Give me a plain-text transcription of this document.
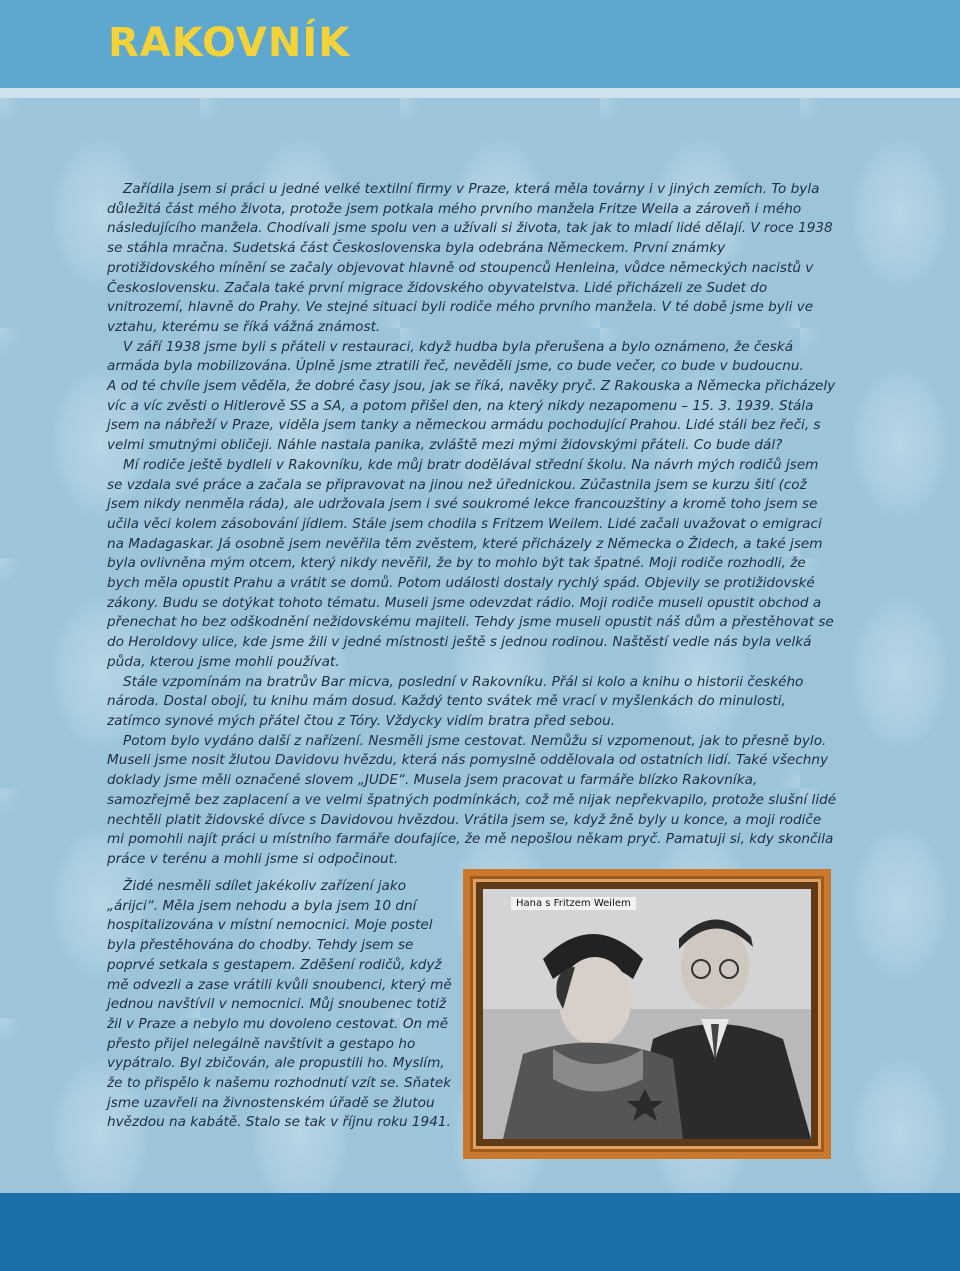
RAKOVNÍK

Zařídila jsem si práci u jedné velké textilní firmy v Praze, která měla továrny i v jiných zemích. To byla důležitá část mého života, protože jsem potkala mého prvního manžela Fritze Weila a zároveň i mého následujícího manžela. Chodívali jsme spolu ven a užívali si života, tak jak to mladí lidé dělají. V roce 1938 se stáhla mračna. Sudetská část Československa byla odebrána Německem. První známky protižidovského mínění se začaly objevovat hlavně od stoupenců Henleina, vůdce německých nacistů v Československu. Začala také první migrace židovského obyvatelstva. Lidé přicházeli ze Sudet do vnitrozemí, hlavně do Prahy. Ve stejné situaci byli rodiče mého prvního manžela. V té době jsme byli ve vztahu, kterému se říká vážná známost.

V září 1938 jsme byli s přáteli v restauraci, když hudba byla přerušena a bylo oznámeno, že česká armáda byla mobilizována. Úplně jsme ztratili řeč, nevěděli jsme, co bude večer, co bude v budoucnu.

A od té chvíle jsem věděla, že dobré časy jsou, jak se říká, navěky pryč. Z Rakouska a Německa přicházely víc a víc zvěsti o Hitlerově SS a SA, a potom přišel den, na který nikdy nezapomenu – 15. 3. 1939. Stála jsem na nábřeží v Praze, viděla jsem tanky a německou armádu pochodující Prahou. Lidé stáli bez řeči, s velmi smutnými obličeji. Náhle nastala panika, zvláště mezi mými židovskými přáteli. Co bude dál?

Mí rodiče ještě bydleli v Rakovníku, kde můj bratr dodělával střední školu. Na návrh mých rodičů jsem se vzdala své práce a začala se připravovat na jinou než úřednickou. Zúčastnila jsem se kurzu šití (což jsem nikdy nenměla ráda), ale udržovala jsem i své soukromé lekce francouzštiny a kromě toho jsem se učila věci kolem zásobování jídlem. Stále jsem chodila s Fritzem Weilem. Lidé začali uvažovat o emigraci na Madagaskar. Já osobně jsem nevěřila těm zvěstem, které přicházely z Německa o Židech, a také jsem byla ovlivněna mým otcem, který nikdy nevěřil, že by to mohlo být tak špatné. Moji rodiče rozhodli, že bych měla opustit Prahu a vrátit se domů. Potom události dostaly rychlý spád. Objevily se protižidovské zákony. Budu se dotýkat tohoto tématu. Museli jsme odevzdat rádio. Moji rodiče museli opustit obchod a přenechat ho bez odškodnění nežidovskému majiteli. Tehdy jsme museli opustit náš dům a přestěhovat se do Heroldovy ulice, kde jsme žili v jedné místnosti ještě s jednou rodinou. Naštěstí vedle nás byla velká půda, kterou jsme mohli používat.

Stále vzpomínám na bratrův Bar micva, poslední v Rakovníku. Přál si kolo a knihu o historii českého národa. Dostal obojí, tu knihu mám dosud. Každý tento svátek mě vrací v myšlenkách do minulosti, zatímco synové mých přátel čtou z Tóry. Vždycky vidím bratra před sebou.

Potom bylo vydáno další z nařízení. Nesměli jsme cestovat. Nemůžu si vzpomenout, jak to přesně bylo. Museli jsme nosit žlutou Davidovu hvězdu, která nás pomyslně oddělovala od ostatních lidí. Také všechny doklady jsme měli označené slovem „JUDE“. Musela jsem pracovat u farmáře blízko Rakovníka, samozřejmě bez zaplacení a ve velmi špatných podmínkách, což mě nijak nepřekvapilo, protože slušní lidé nechtěli platit židovské dívce s Davidovou hvězdou. Vrátila jsem se, když žně byly u konce, a moji rodiče mi pomohli najít práci u místního farmáře doufajíce, že mě nepošlou někam pryč. Pamatuji si, kdy skončila práce v terénu a mohli jsme si odpočinout.

Židé nesměli sdílet jakékoliv zařízení jako „árijci“. Měla jsem nehodu a byla jsem 10 dní hospitalizována v místní nemocnici. Moje postel byla přestěhována do chodby. Tehdy jsem se poprvé setkala s gestapem. Zděšení rodičů, když mě odvezli a zase vrátili kvůli snoubenci, který mě jednou navštívil v nemocnici. Můj snoubenec totiž žil v Praze a nebylo mu dovoleno cestovat. On mě přesto přijel nelegálně navštívit a gestapo ho vypátralo. Byl zbičován, ale propustili ho. Myslím, že to přispělo k našemu rozhodnutí vzít se. Sňatek jsme uzavřeli na živnostenském úřadě se žlutou hvězdou na kabátě. Stalo se tak v říjnu roku 1941.

Hana s Fritzem Weilem
